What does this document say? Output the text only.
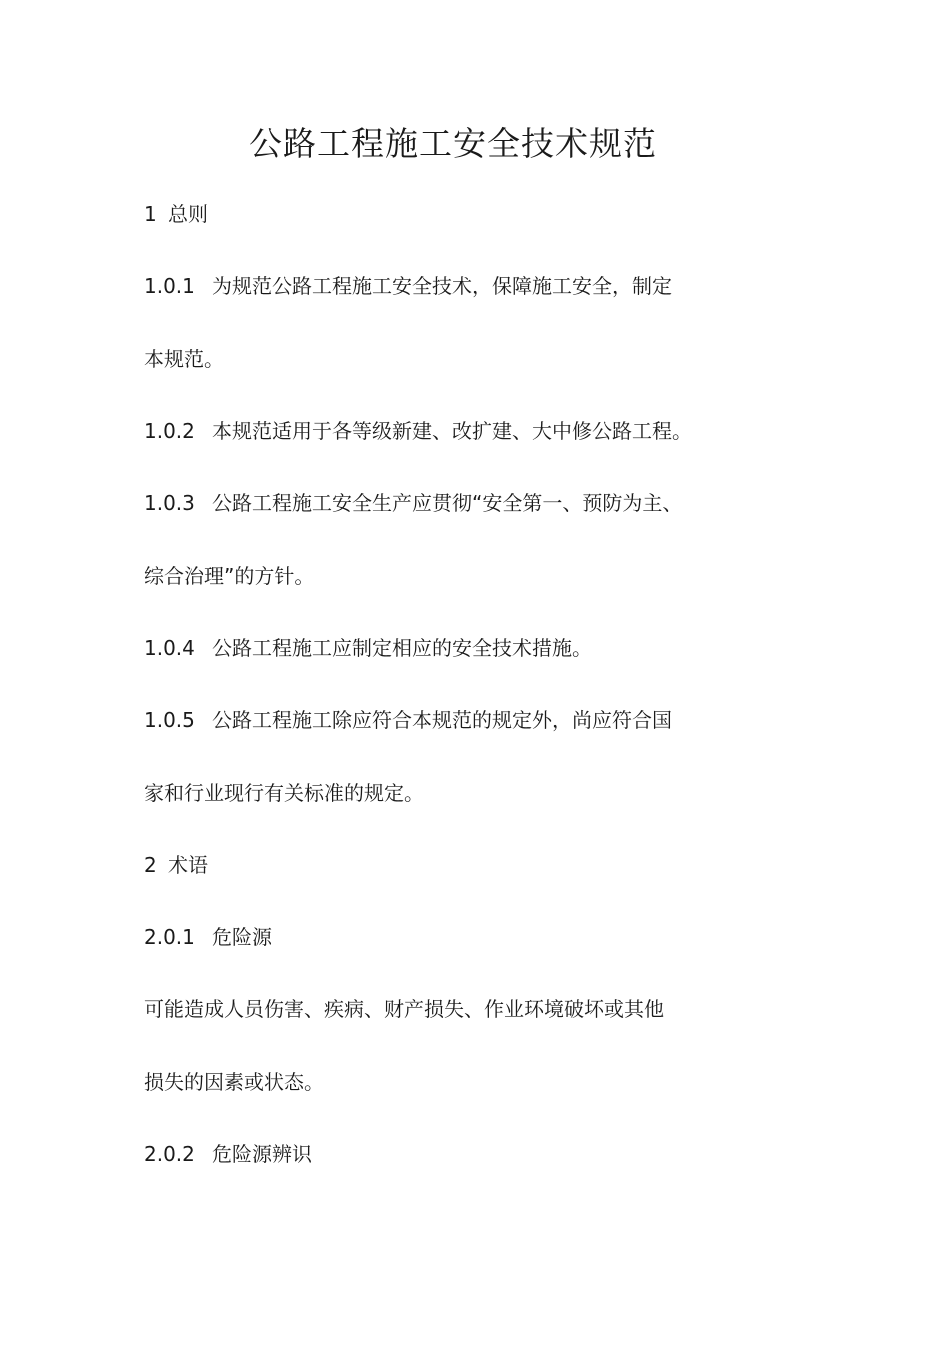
公路工程施工安全技术规范

1 总则

1.0.1 为规范公路工程施工安全技术，保障施工安全，制定

本规范。

1.0.2 本规范适用于各等级新建、改扩建、大中修公路工程。

1.0.3 公路工程施工安全生产应贯彻“安全第一、预防为主、

综合治理”的方针。

1.0.4 公路工程施工应制定相应的安全技术措施。

1.0.5 公路工程施工除应符合本规范的规定外，尚应符合国

家和行业现行有关标准的规定。

2 术语

2.0.1 危险源

可能造成人员伤害、疾病、财产损失、作业环境破坏或其他

损失的因素或状态。

2.0.2 危险源辨识
